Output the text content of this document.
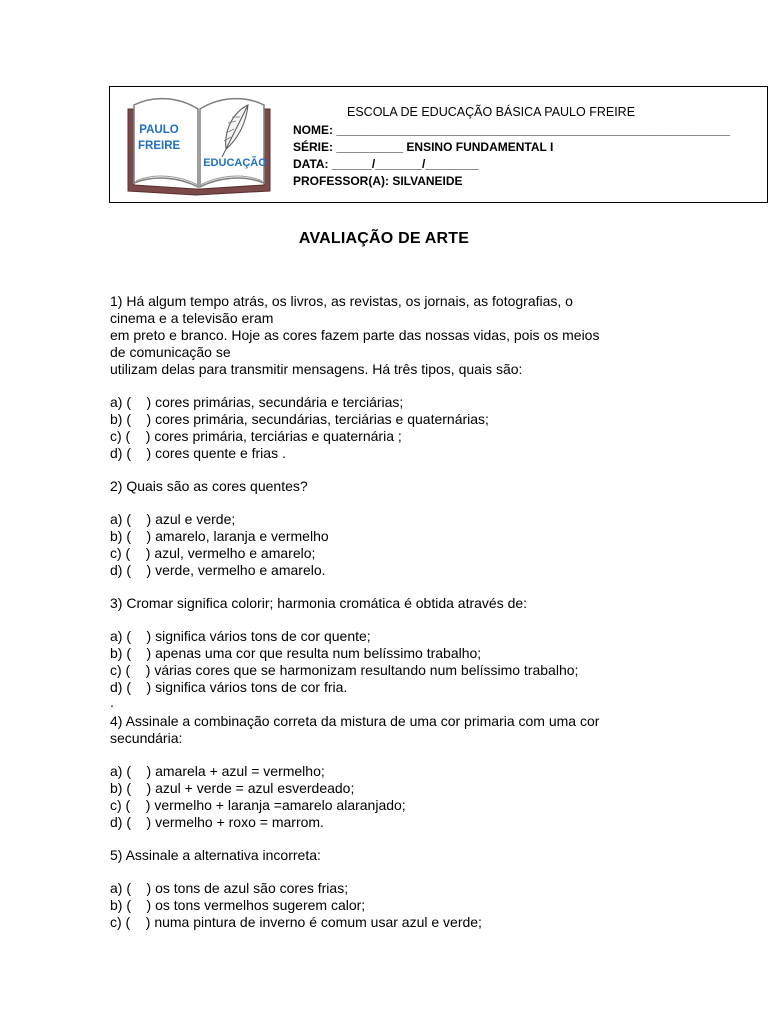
PAULO
FREIRE
EDUCAÇÃO
ESCOLA DE EDUCAÇÃO BÁSICA PAULO FREIRE
NOME: ___________________________________________________________
SÉRIE: __________ ENSINO FUNDAMENTAL I
DATA: ______/_______/________
PROFESSOR(A): SILVANEIDE
AVALIAÇÃO DE ARTE
1) Há algum tempo atrás, os livros, as revistas, os jornais, as fotografias, o
cinema e a televisão eram
em preto e branco. Hoje as cores fazem parte das nossas vidas, pois os meios
de comunicação se
utilizam delas para transmitir mensagens. Há três tipos, quais são:
a) (    ) cores primárias, secundária e terciárias;
b) (    ) cores primária, secundárias, terciárias e quaternárias;
c) (    ) cores primária, terciárias e quaternária ;
d) (    ) cores quente e frias .
2) Quais são as cores quentes?
a) (    ) azul e verde;
b) (    ) amarelo, laranja e vermelho
c) (    ) azul, vermelho e amarelo;
d) (    ) verde, vermelho e amarelo.
3) Cromar significa colorir; harmonia cromática é obtida através de:
a) (    ) significa vários tons de cor quente;
b) (    ) apenas uma cor que resulta num belíssimo trabalho;
c) (    ) várias cores que se harmonizam resultando num belíssimo trabalho;
d) (    ) significa vários tons de cor fria.
.
4) Assinale a combinação correta da mistura de uma cor primaria com uma cor
secundária:
a) (    ) amarela + azul = vermelho;
b) (    ) azul + verde = azul esverdeado;
c) (    ) vermelho + laranja =amarelo alaranjado;
d) (    ) vermelho + roxo = marrom.
5) Assinale a alternativa incorreta:
a) (    ) os tons de azul são cores frias;
b) (    ) os tons vermelhos sugerem calor;
c) (    ) numa pintura de inverno é comum usar azul e verde;
